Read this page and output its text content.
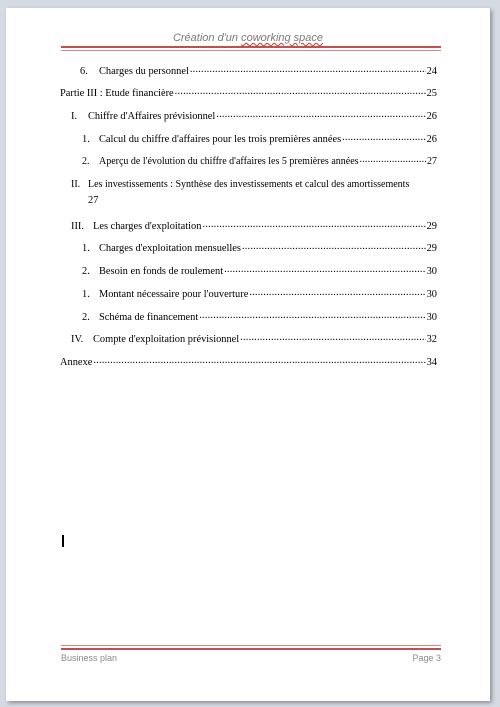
Création d'un coworking space
6.	Charges du personnel .....	24
Partie III : Etude financière .....	25
I.	Chiffre d'Affaires prévisionnel .....	26
1. Calcul du chiffre d'affaires pour les trois premières années .....	26
2. Aperçu de l'évolution du chiffre d'affaires les 5 premières années .....	27
II. Les investissements : Synthèse des investissements et calcul des amortissements
27
III. Les charges d'exploitation .....	29
1. Charges d'exploitation mensuelles .....	29
2. Besoin en fonds de roulement .....	30
1. Montant nécessaire pour l'ouverture .....	30
2. Schéma de financement .....	30
IV. Compte d'exploitation prévisionnel .....	32
Annexe .....	34
Business plan	Page 3
